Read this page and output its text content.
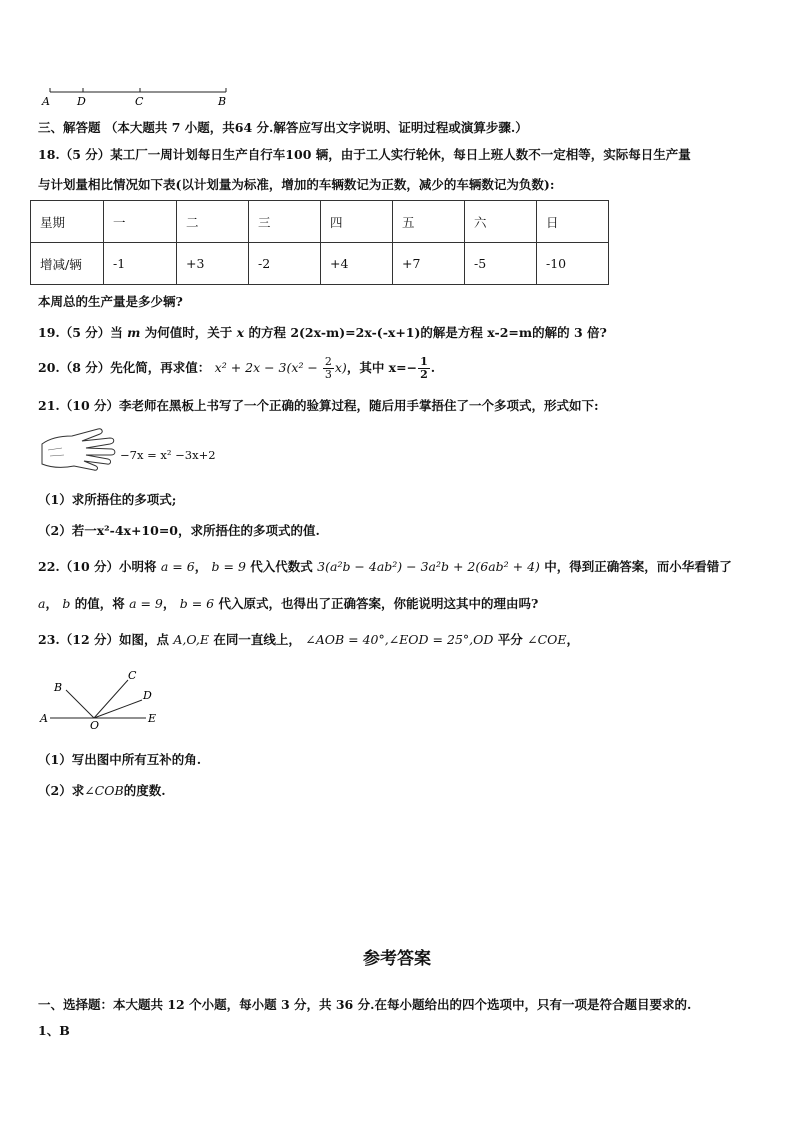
A D	C	B
三、解答题 （本大题共 7 小题，共64 分.解答应写出文字说明、证明过程或演算步骤.）
18.（5 分）某工厂一周计划每日生产自行车100 辆，由于工人实行轮休，每日上班人数不一定相等，实际每日生产量
与计划量相比情况如下表(以计划量为标准，增加的车辆数记为正数，减少的车辆数记为负数):
星期	一	二	三	四	五	六	日
增减/辆	-1	+3	-2	+4	+7	-5	-10
本周总的生产量是多少辆?
19.（5 分）当 m 为何值时，关于 x 的方程 2(2x-m)=2x-(-x+1)的解是方程 x-2=m的解的 3 倍?
20.（8 分）先化简，再求值： $x^2 + 2x - 3(x^2 - \frac{2}{3} x)$，其中 $x=- \frac{1}{2}$ .
21.（10 分）李老师在黑板上书写了一个正确的验算过程，随后用手掌捂住了一个多项式，形式如下:
−7x = x² −3x+2
（1）求所捂住的多项式;
（2）若一x²-4x+10=0，求所捂住的多项式的值.
22.（10 分）小明将 a = 6， b = 9 代入代数式 3(a²b − 4ab²) − 3a²b + 2(6ab² + 4) 中，得到正确答案，而小华看错了
a， b 的值，将 a = 9， b = 6 代入原式，也得出了正确答案，你能说明这其中的理由吗?
23.（12 分）如图，点 A,O,E 在同一直线上， ∠AOB = 40°,∠EOD = 25°,OD 平分 ∠COE，
B
C
D
A
O
E
（1）写出图中所有互补的角.
（2）求∠COB的度数.
参考答案
一、选择题：本大题共 12 个小题，每小题 3 分，共 36 分.在每小题给出的四个选项中，只有一项是符合题目要求的.
1、B
